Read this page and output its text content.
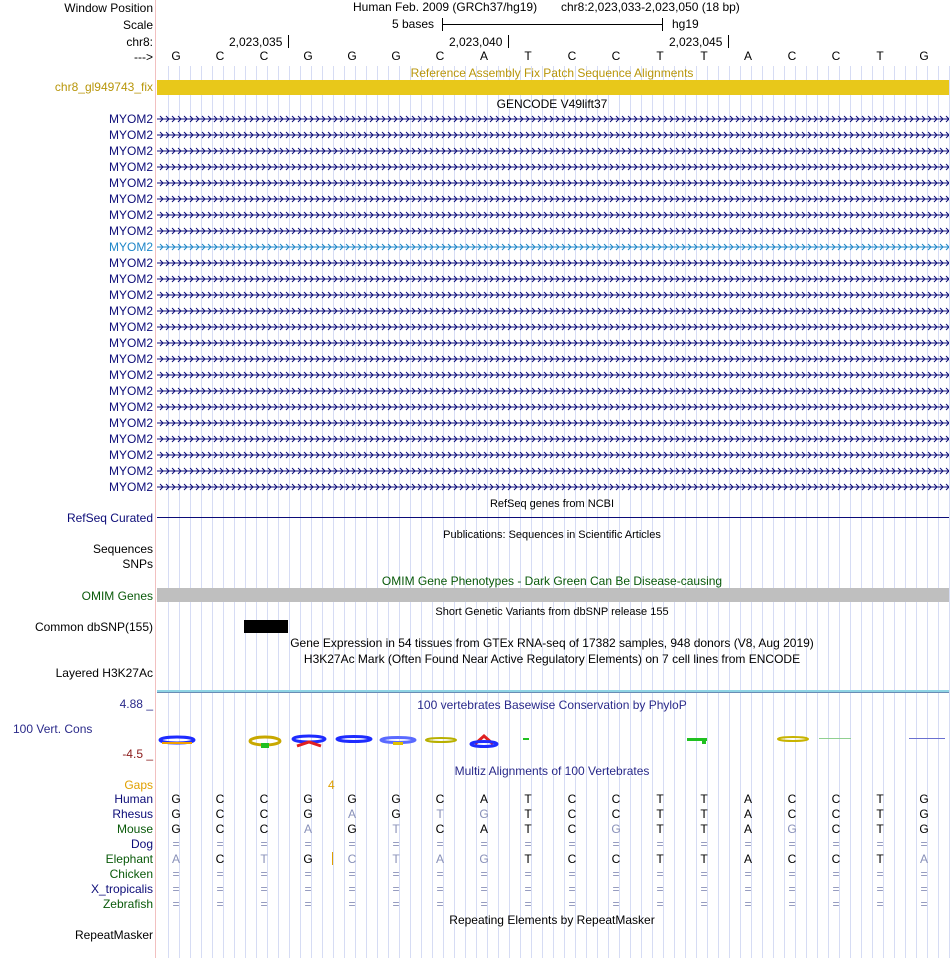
Window Position
Scale
chr8:
--->
Human Feb. 2009 (GRCh37/hg19) chr8:2,023,033-2,023,050 (18 bp)
5 bases	hg19
2,023,035	2,023,040	2,023,045
G	C	C	G	G	G	C	A	T	C	C	T	T	A	C	C	T	G
Reference Assembly Fix Patch Sequence Alignments
chr8_gl949743_fix
GENCODE V49lift37
MYOM2
MYOM2
MYOM2
MYOM2
MYOM2
MYOM2
MYOM2
MYOM2
MYOM2
MYOM2
MYOM2
MYOM2
MYOM2
MYOM2
MYOM2
MYOM2
MYOM2
MYOM2
MYOM2
MYOM2
MYOM2
MYOM2
MYOM2
MYOM2
RefSeq genes from NCBI
RefSeq Curated
Publications: Sequences in Scientific Articles
Sequences
SNPs
OMIM Gene Phenotypes - Dark Green Can Be Disease-causing
OMIM Genes
Short Genetic Variants from dbSNP release 155
Common dbSNP(155)
Gene Expression in 54 tissues from GTEx RNA-seq of 17382 samples, 948 donors (V8, Aug 2019)
H3K27Ac Mark (Often Found Near Active Regulatory Elements) on 7 cell lines from ENCODE
Layered H3K27Ac
100 vertebrates Basewise Conservation by PhyloP
4.88 _
100 Vert. Cons
-4.5 _
Multiz Alignments of 100 Vertebrates
Gaps	4
Human	G	C	C	G	G	G	C	A	T	C	C	T	T	A	C	C	T	G
Rhesus	G	C	C	G	A	G	T	G	T	C	C	T	T	A	C	C	T	G
Mouse	G	C	C	A	G	T	C	A	T	C	G	T	T	A	G	C	T	G
Dog	=	=	=	=	=	=	=	=	=	=	=	=	=	=	=	=	=	=
Elephant	A	C	T	G	C	T	A	G	T	C	C	T	T	A	C	C	T	A
Chicken	=	=	=	=	=	=	=	=	=	=	=	=	=	=	=	=	=	=
X_tropicalis	=	=	=	=	=	=	=	=	=	=	=	=	=	=	=	=	=	=
Zebrafish	=	=	=	=	=	=	=	=	=	=	=	=	=	=	=	=	=	=
Repeating Elements by RepeatMasker
RepeatMasker
